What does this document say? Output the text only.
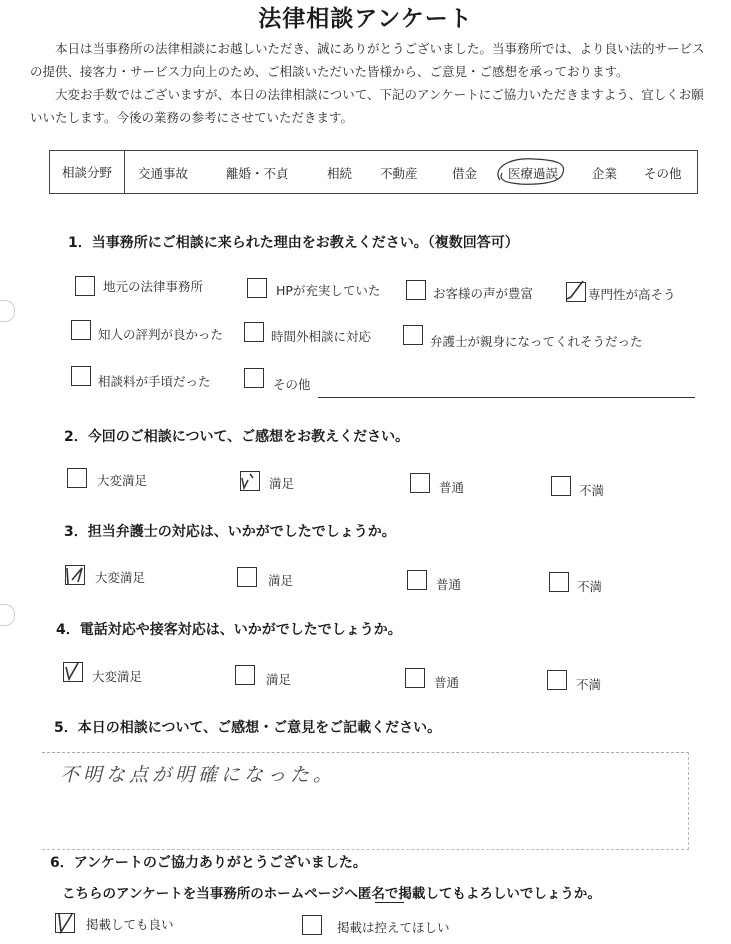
法律相談アンケート
本日は当事務所の法律相談にお越しいただき、誠にありがとうございました。当事務所では、より良い法的サービスの提供、接客力・サービス力向上のため、ご相談いただいた皆様から、ご意見・ご感想を承っております。
大変お手数ではございますが、本日の法律相談について、下記のアンケートにご協力いただきますよう、宜しくお願いいたします。今後の業務の参考にさせていただきます。
相談分野	交通事故	離婚・不貞	相続 不動産	借金 医療過誤	企業 その他
1．当事務所にご相談に来られた理由をお教えください。（複数回答可）
地元の法律事務所	HPが充実していた	お客様の声が豊富	専門性が高そう
知人の評判が良かった	時間外相談に対応	弁護士が親身になってくれそうだった
相談料が手頃だった	その他
2．今回のご相談について、ご感想をお教えください。
大変満足	満足	普通	不満
3．担当弁護士の対応は、いかがでしたでしょうか。
大変満足	満足	普通	不満
4．電話対応や接客対応は、いかがでしたでしょうか。
大変満足	満足	普通	不満
5．本日の相談について、ご感想・ご意見をご記載ください。
不明な点が明確になった。
6．アンケートのご協力ありがとうございました。
こちらのアンケートを当事務所のホームページへ匿名で掲載してもよろしいでしょうか。
掲載しても良い	掲載は控えてほしい
